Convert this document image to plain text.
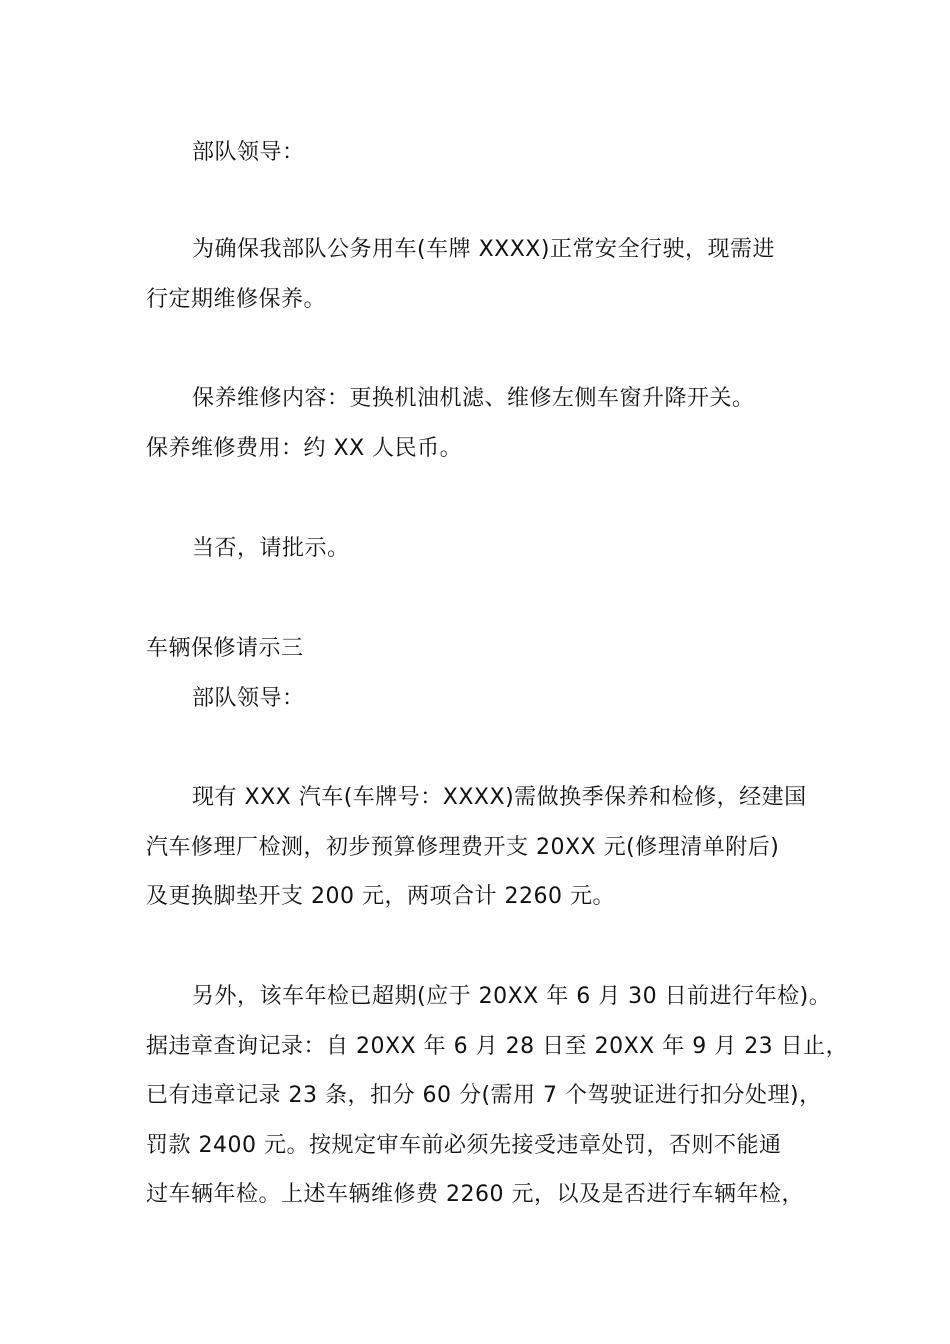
部队领导：
为确保我部队公务用车(车牌 XXXX)正常安全行驶，现需进
行定期维修保养。
保养维修内容：更换机油机滤、维修左侧车窗升降开关。
保养维修费用：约 XX 人民币。
当否，请批示。
车辆保修请示三
部队领导：
现有 XXX 汽车(车牌号：XXXX)需做换季保养和检修，经建国
汽车修理厂检测，初步预算修理费开支 20XX 元(修理清单附后)
及更换脚垫开支 200 元，两项合计 2260 元。
另外，该车年检已超期(应于 20XX 年 6 月 30 日前进行年检)。
据违章查询记录：自 20XX 年 6 月 28 日至 20XX 年 9 月 23 日止，
已有违章记录 23 条，扣分 60 分(需用 7 个驾驶证进行扣分处理)，
罚款 2400 元。按规定审车前必须先接受违章处罚，否则不能通
过车辆年检。上述车辆维修费 2260 元，以及是否进行车辆年检，
